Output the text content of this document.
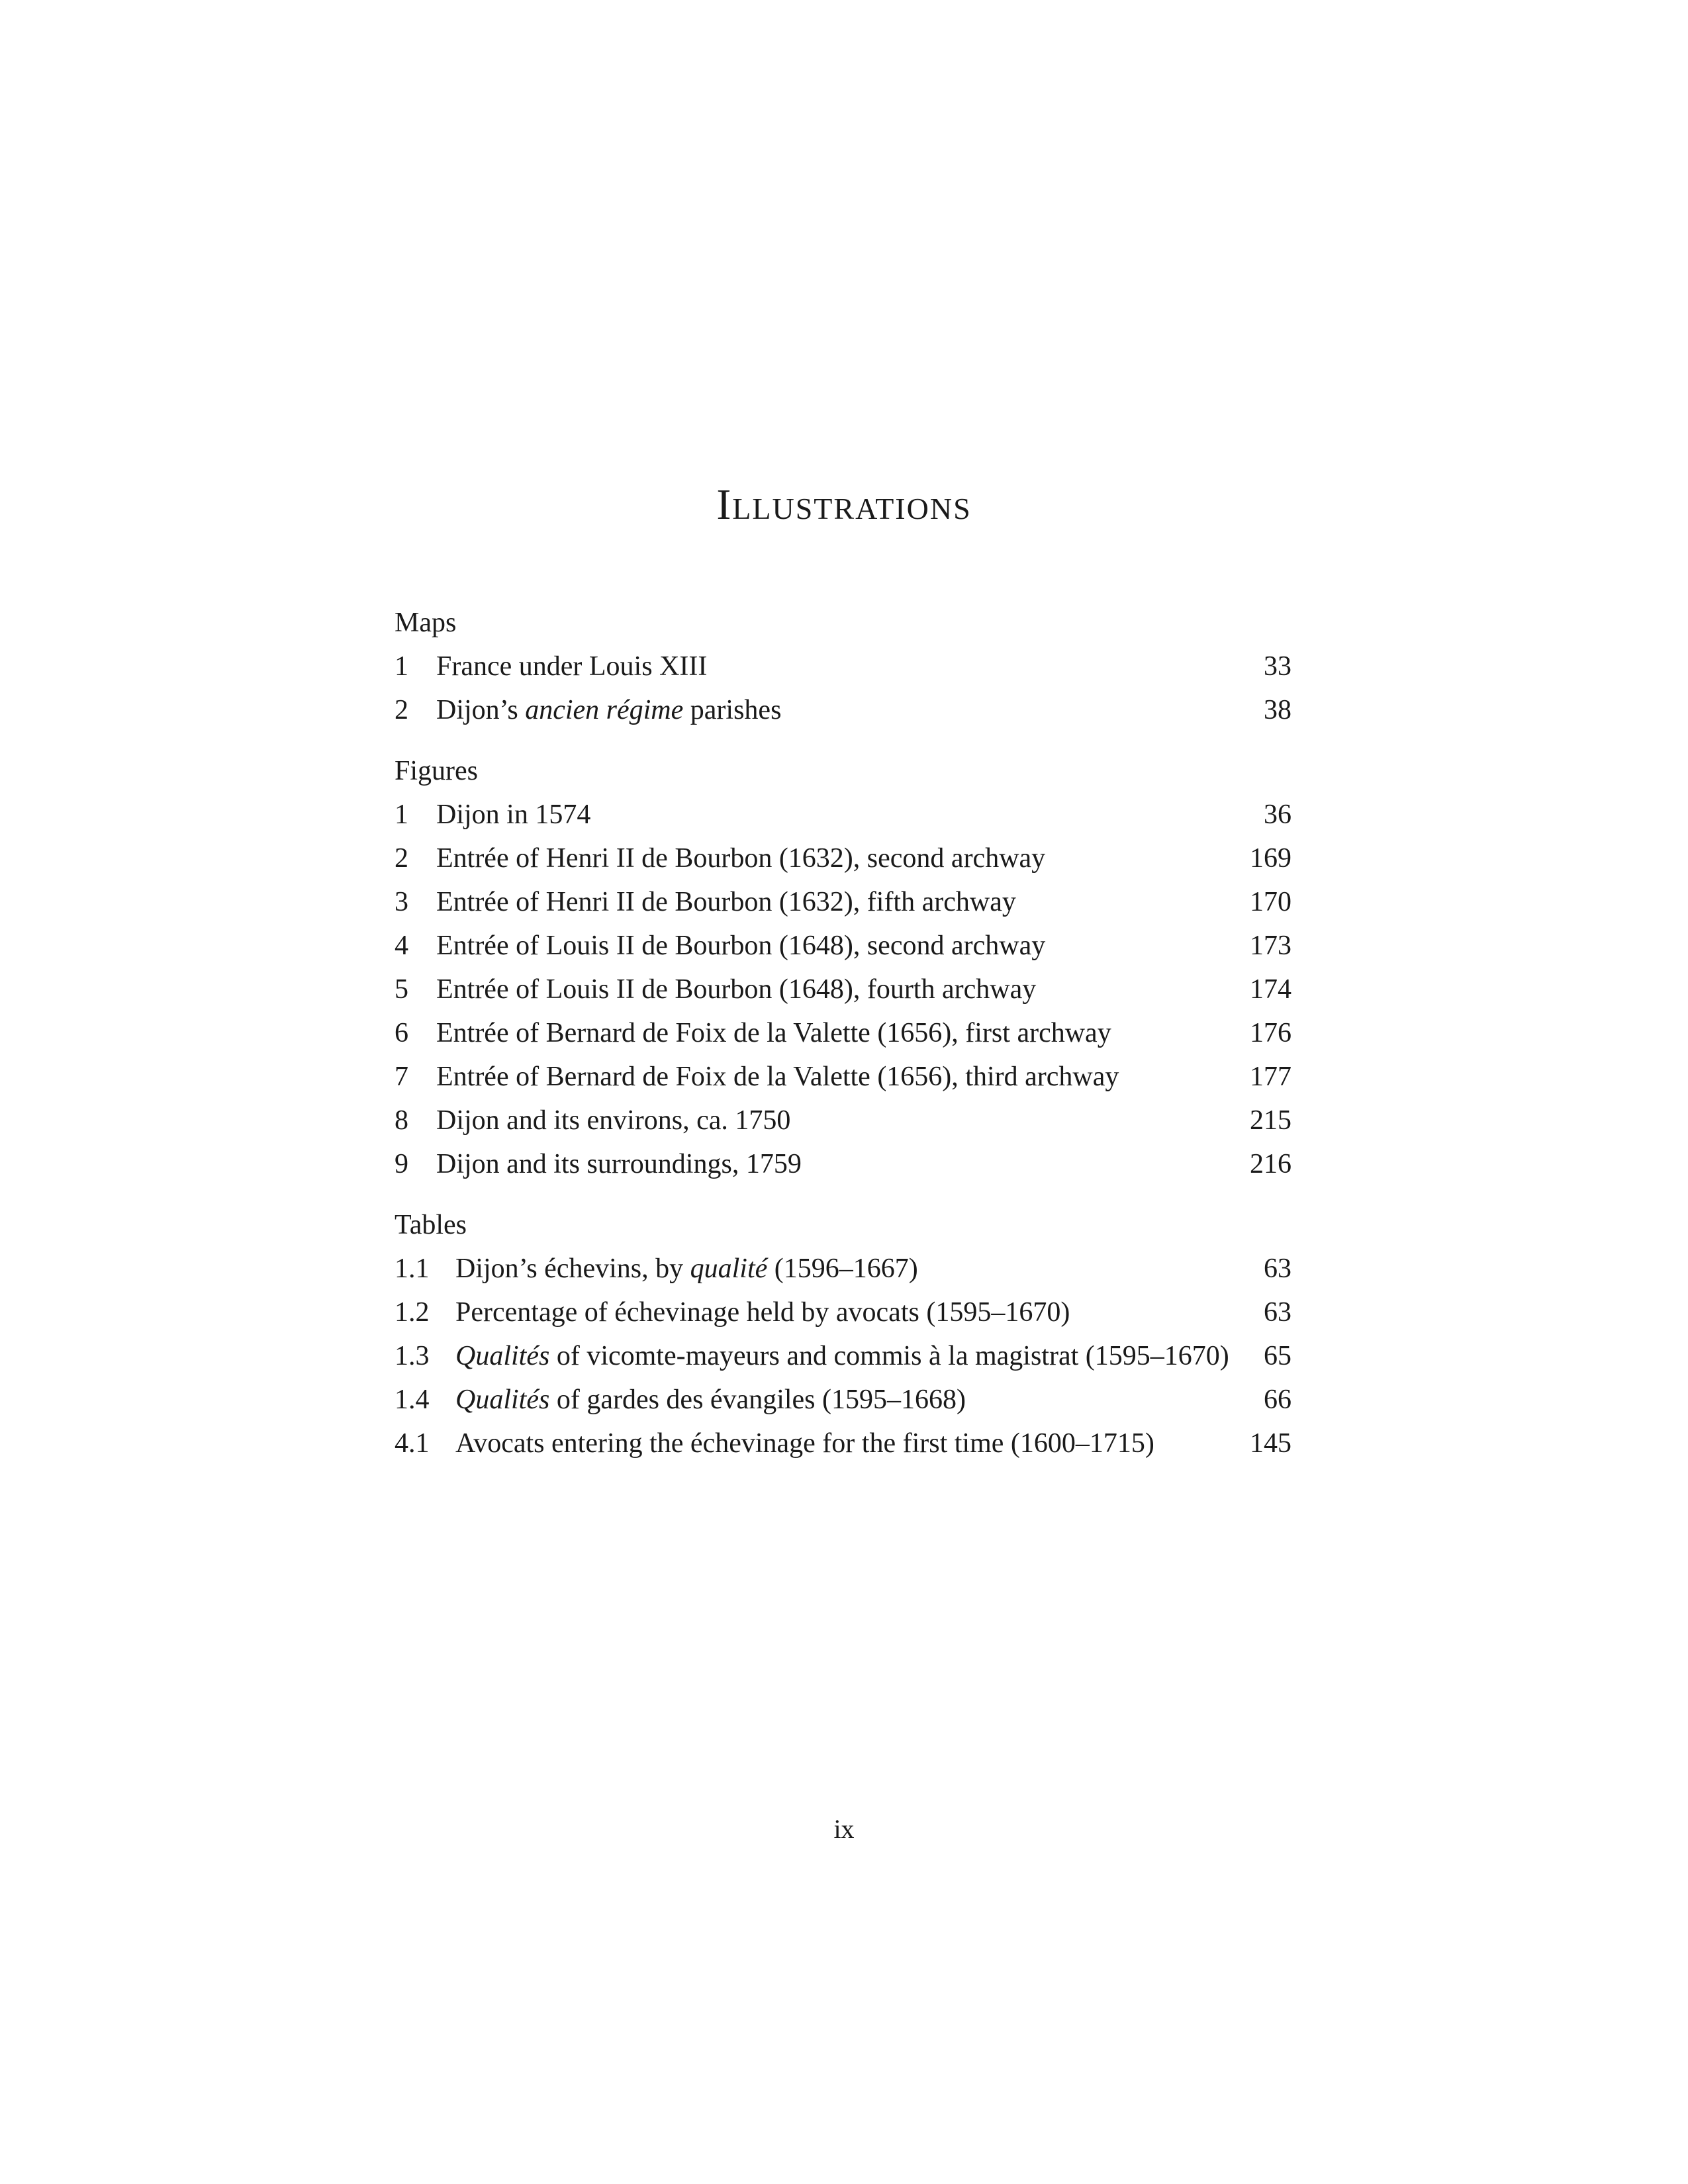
Illustrations
Maps
1	France under Louis XIII	33
2	Dijon’s ancien régime parishes	38
Figures
1	Dijon in 1574	36
2	Entrée of Henri II de Bourbon (1632), second archway	169
3	Entrée of Henri II de Bourbon (1632), fifth archway	170
4	Entrée of Louis II de Bourbon (1648), second archway	173
5	Entrée of Louis II de Bourbon (1648), fourth archway	174
6	Entrée of Bernard de Foix de la Valette (1656), first archway	176
7	Entrée of Bernard de Foix de la Valette (1656), third archway	177
8	Dijon and its environs, ca. 1750	215
9	Dijon and its surroundings, 1759	216
Tables
1.1 Dijon’s échevins, by qualité (1596–1667)	63
1.2 Percentage of échevinage held by avocats (1595–1670)	63
1.3 Qualités of vicomte-mayeurs and commis à la magistrat (1595–1670)	65
1.4 Qualités of gardes des évangiles (1595–1668)	66
4.1 Avocats entering the échevinage for the first time (1600–1715)	145
ix
